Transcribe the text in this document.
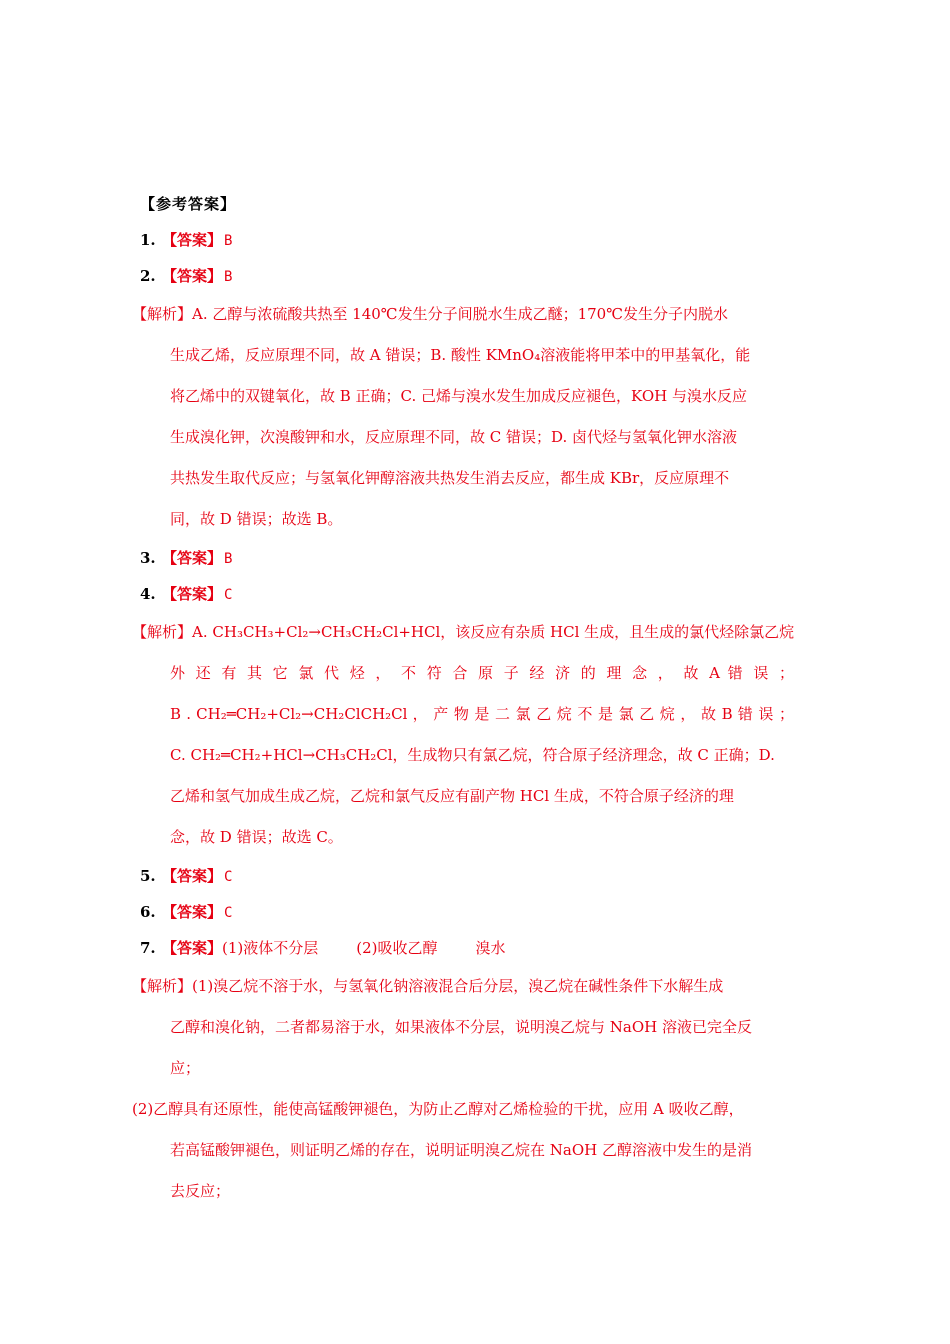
【参考答案】
1. 【答案】 B
2. 【答案】 B
【解析】A. 乙醇与浓硫酸共热至 140℃发生分子间脱水生成乙醚；170℃发生分子内脱水
生成乙烯，反应原理不同，故 A 错误；B. 酸性 KMnO₄溶液能将甲苯中的甲基氧化，能
将乙烯中的双键氧化，故 B 正确；C. 己烯与溴水发生加成反应褪色，KOH 与溴水反应
生成溴化钾，次溴酸钾和水，反应原理不同，故 C 错误；D. 卤代烃与氢氧化钾水溶液
共热发生取代反应；与氢氧化钾醇溶液共热发生消去反应，都生成 KBr，反应原理不
同，故 D 错误；故选 B。
3. 【答案】 B
4. 【答案】 C
【解析】A. CH₃CH₃+Cl₂→CH₃CH₂Cl+HCl，该反应有杂质 HCl 生成，且生成的氯代烃除氯乙烷
外 还 有 其 它 氯 代 烃 ， 不 符 合 原 子 经 济 的 理 念 ， 故 A 错 误 ；
B . CH₂═CH₂+Cl₂→CH₂ClCH₂Cl ， 产 物 是 二 氯 乙 烷 不 是 氯 乙 烷 ， 故 B 错 误 ；
C. CH₂═CH₂+HCl→CH₃CH₂Cl，生成物只有氯乙烷，符合原子经济理念，故 C 正确；D.
乙烯和氢气加成生成乙烷，乙烷和氯气反应有副产物 HCl 生成，不符合原子经济的理
念，故 D 错误；故选 C。
5. 【答案】 C
6. 【答案】 C
7. 【答案】(1)液体不分层	(2)吸收乙醇	溴水
【解析】(1)溴乙烷不溶于水，与氢氧化钠溶液混合后分层，溴乙烷在碱性条件下水解生成
乙醇和溴化钠，二者都易溶于水，如果液体不分层，说明溴乙烷与 NaOH 溶液已完全反
应；
(2)乙醇具有还原性，能使高锰酸钾褪色，为防止乙醇对乙烯检验的干扰，应用 A 吸收乙醇，
若高锰酸钾褪色，则证明乙烯的存在，说明证明溴乙烷在 NaOH 乙醇溶液中发生的是消
去反应；
